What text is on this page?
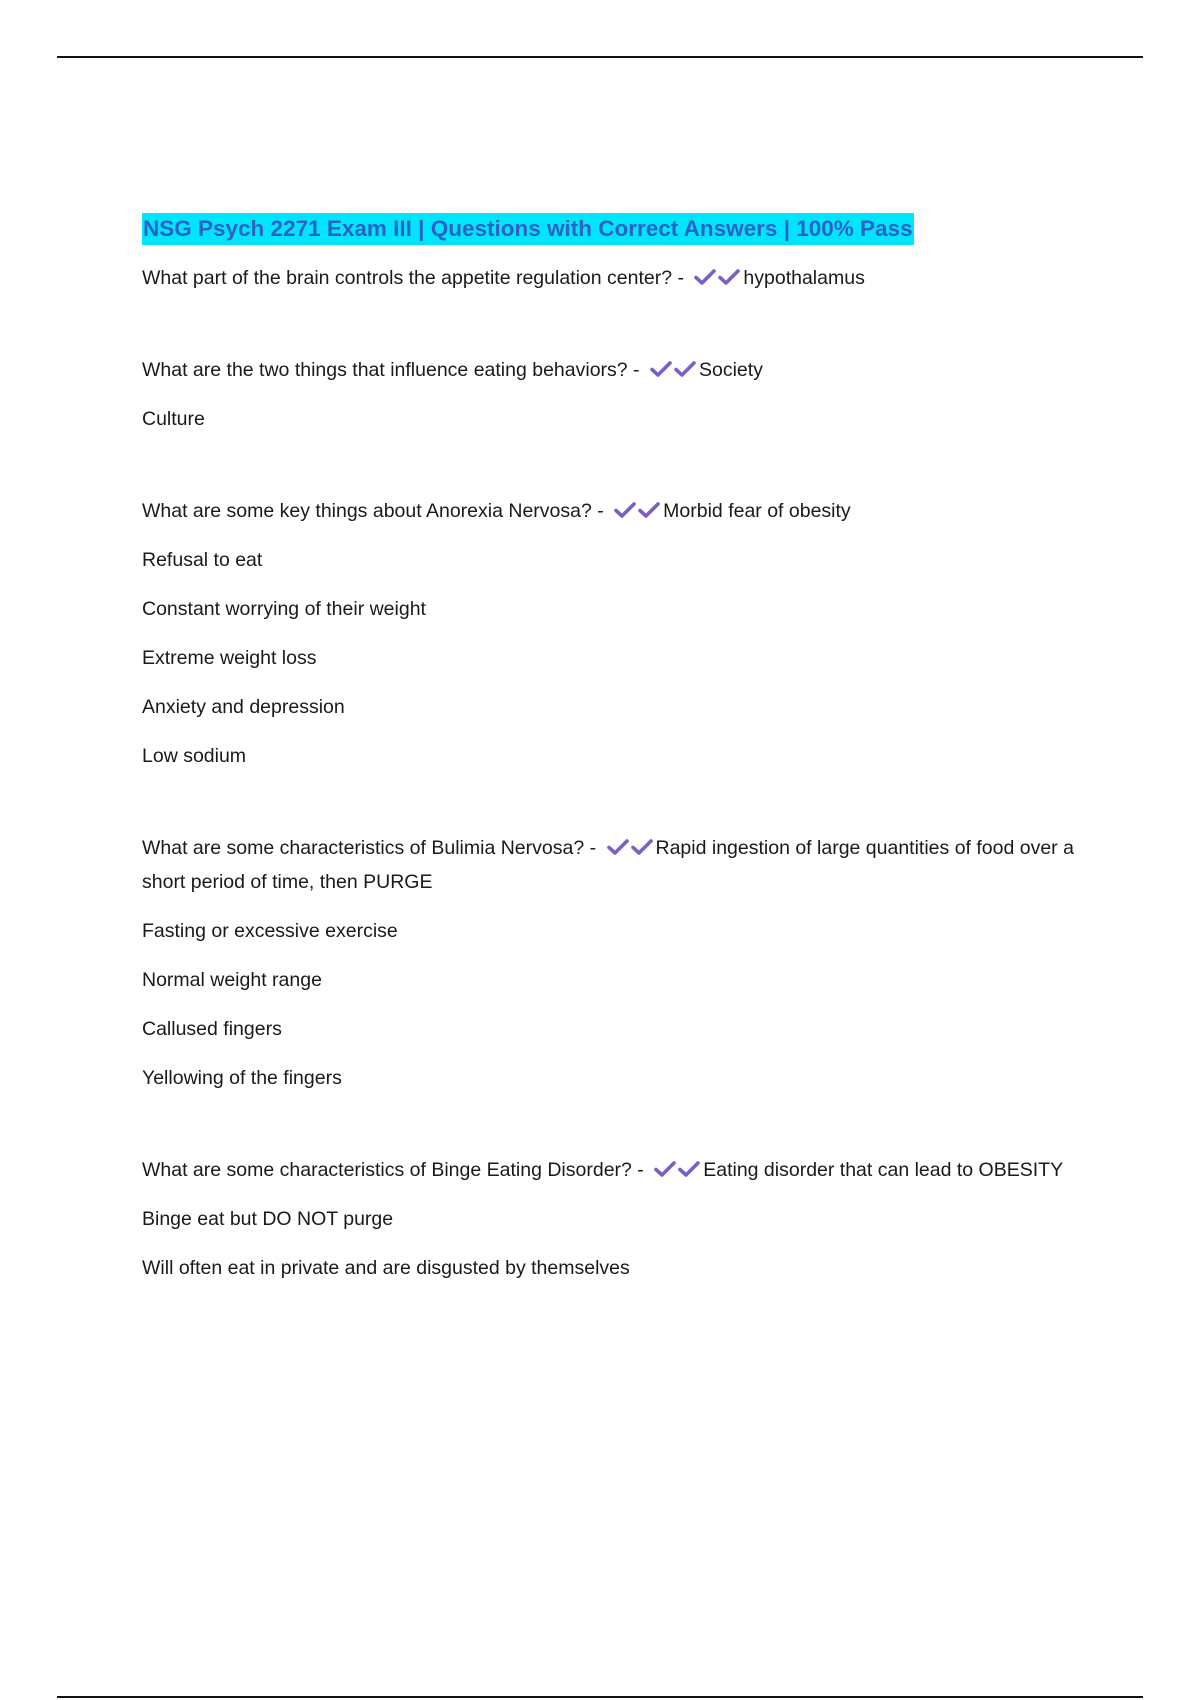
NSG Psych 2271 Exam III | Questions with Correct Answers | 100% Pass

What part of the brain controls the appetite regulation center? -	hypothalamus

What are the two things that influence eating behaviors? -	Society

Culture

What are some key things about Anorexia Nervosa? -	Morbid fear of obesity

Refusal to eat

Constant worrying of their weight

Extreme weight loss

Anxiety and depression

Low sodium

What are some characteristics of Bulimia Nervosa? -	Rapid ingestion of large quantities of food over a short period of time, then PURGE

Fasting or excessive exercise

Normal weight range

Callused fingers

Yellowing of the fingers

What are some characteristics of Binge Eating Disorder? -	Eating disorder that can lead to OBESITY

Binge eat but DO NOT purge

Will often eat in private and are disgusted by themselves
